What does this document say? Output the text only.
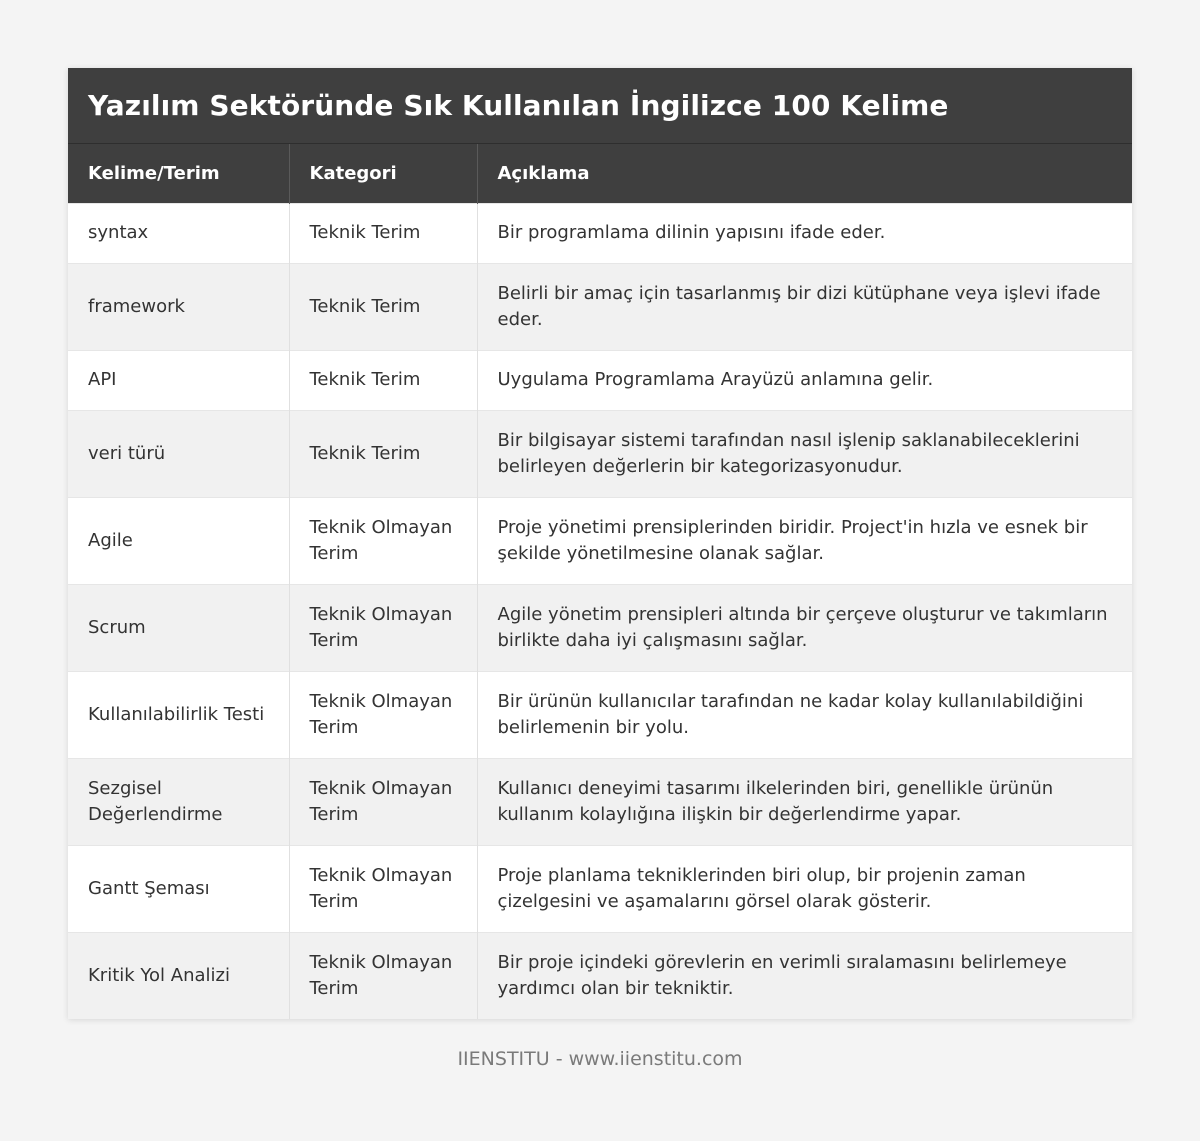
Yazılım Sektöründe Sık Kullanılan İngilizce 100 Kelime
Kelime/Terim	Kategori	Açıklama
syntax	Teknik Terim	Bir programlama dilinin yapısını ifade eder.
framework	Teknik Terim	Belirli bir amaç için tasarlanmış bir dizi kütüphane veya işlevi ifade eder.
API	Teknik Terim	Uygulama Programlama Arayüzü anlamına gelir.
veri türü	Teknik Terim	Bir bilgisayar sistemi tarafından nasıl işlenip saklanabileceklerini belirleyen değerlerin bir kategorizasyonudur.
Agile	Teknik Olmayan Terim	Proje yönetimi prensiplerinden biridir. Project'in hızla ve esnek bir şekilde yönetilmesine olanak sağlar.
Scrum	Teknik Olmayan Terim	Agile yönetim prensipleri altında bir çerçeve oluşturur ve takımların birlikte daha iyi çalışmasını sağlar.
Kullanılabilirlik Testi	Teknik Olmayan Terim	Bir ürünün kullanıcılar tarafından ne kadar kolay kullanılabildiğini belirlemenin bir yolu.
Sezgisel Değerlendirme	Teknik Olmayan Terim	Kullanıcı deneyimi tasarımı ilkelerinden biri, genellikle ürünün kullanım kolaylığına ilişkin bir değerlendirme yapar.
Gantt Şeması	Teknik Olmayan Terim	Proje planlama tekniklerinden biri olup, bir projenin zaman çizelgesini ve aşamalarını görsel olarak gösterir.
Kritik Yol Analizi	Teknik Olmayan Terim	Bir proje içindeki görevlerin en verimli sıralamasını belirlemeye yardımcı olan bir tekniktir.
IIENSTITU - www.iienstitu.com
